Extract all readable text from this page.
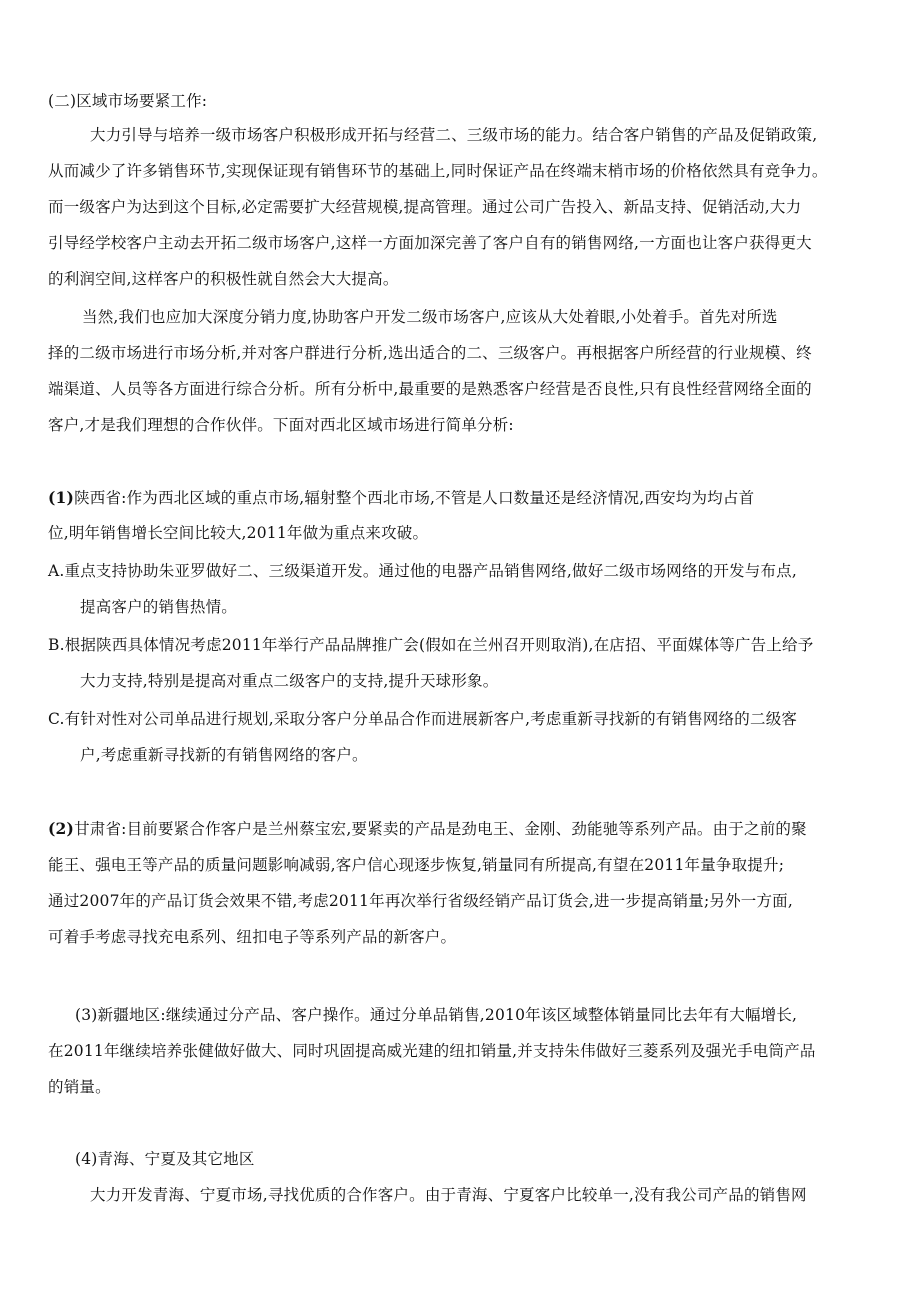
(二)区域市场要紧工作:
大力引导与培养一级市场客户积极形成开拓与经营二、三级市场的能力。结合客户销售的产品及促销政策,
从而减少了许多销售环节,实现保证现有销售环节的基础上,同时保证产品在终端末梢市场的价格依然具有竞争力。
而一级客户为达到这个目标,必定需要扩大经营规模,提高管理。通过公司广告投入、新品支持、促销活动,大力
引导经学校客户主动去开拓二级市场客户,这样一方面加深完善了客户自有的销售网络,一方面也让客户获得更大
的利润空间,这样客户的积极性就自然会大大提高。
当然,我们也应加大深度分销力度,协助客户开发二级市场客户,应该从大处着眼,小处着手。首先对所选
择的二级市场进行市场分析,并对客户群进行分析,选出适合的二、三级客户。再根据客户所经营的行业规模、终
端渠道、人员等各方面进行综合分析。所有分析中,最重要的是熟悉客户经营是否良性,只有良性经营网络全面的
客户,才是我们理想的合作伙伴。下面对西北区域市场进行简单分析:
(1)陕西省:作为西北区域的重点市场,辐射整个西北市场,不管是人口数量还是经济情况,西安均为均占首
位,明年销售增长空间比较大,2011年做为重点来攻破。
A.重点支持协助朱亚罗做好二、三级渠道开发。通过他的电器产品销售网络,做好二级市场网络的开发与布点,
提高客户的销售热情。
B.根据陕西具体情况考虑2011年举行产品品牌推广会(假如在兰州召开则取消),在店招、平面媒体等广告上给予
大力支持,特别是提高对重点二级客户的支持,提升天球形象。
C.有针对性对公司单品进行规划,采取分客户分单品合作而进展新客户,考虑重新寻找新的有销售网络的二级客
户,考虑重新寻找新的有销售网络的客户。
(2)甘肃省:目前要紧合作客户是兰州蔡宝宏,要紧卖的产品是劲电王、金刚、劲能驰等系列产品。由于之前的聚
能王、强电王等产品的质量问题影响减弱,客户信心现逐步恢复,销量同有所提高,有望在2011年量争取提升;
通过2007年的产品订货会效果不错,考虑2011年再次举行省级经销产品订货会,进一步提高销量;另外一方面,
可着手考虑寻找充电系列、纽扣电子等系列产品的新客户。
(3)新疆地区:继续通过分产品、客户操作。通过分单品销售,2010年该区域整体销量同比去年有大幅增长,
在2011年继续培养张健做好做大、同时巩固提高威光建的纽扣销量,并支持朱伟做好三菱系列及强光手电筒产品
的销量。
(4)青海、宁夏及其它地区
大力开发青海、宁夏市场,寻找优质的合作客户。由于青海、宁夏客户比较单一,没有我公司产品的销售网
